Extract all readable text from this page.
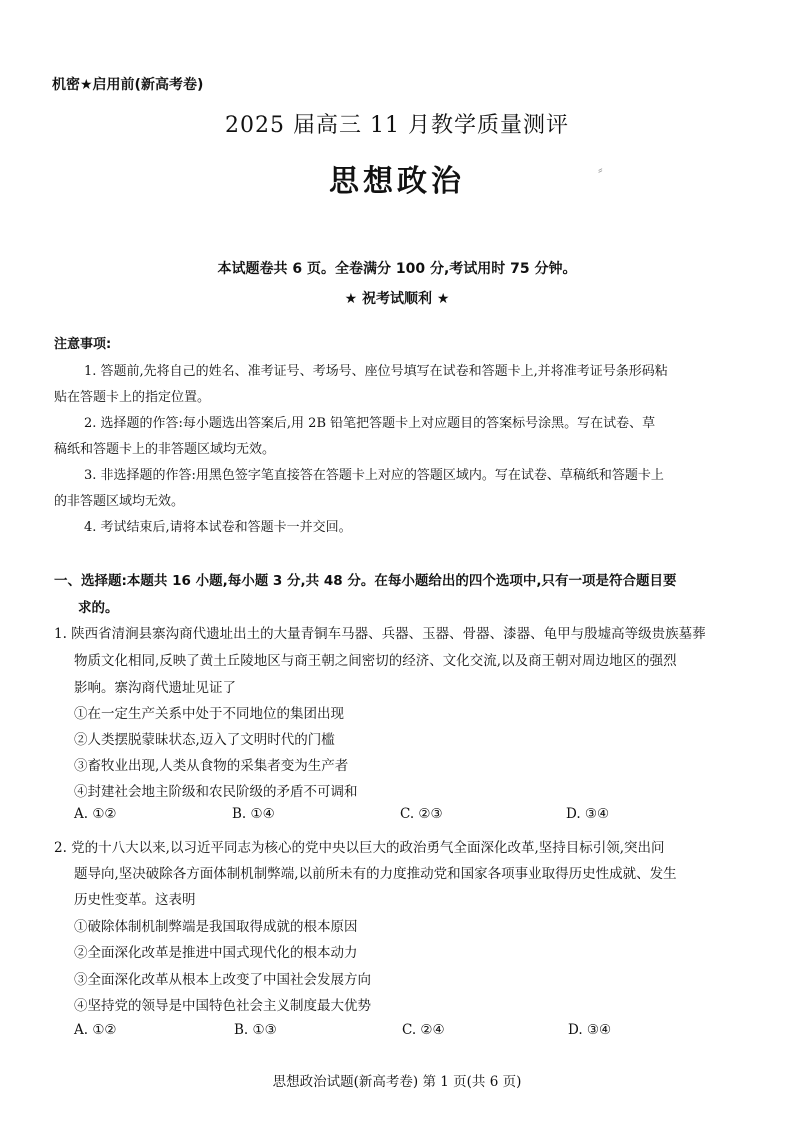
机密★启用前(新高考卷)
2025 届高三 11 月教学质量测评
思想政治	⸗
本试题卷共 6 页。全卷满分 100 分,考试用时 75 分钟。
★ 祝考试顺利 ★
注意事项:
1. 答题前,先将自己的姓名、准考证号、考场号、座位号填写在试卷和答题卡上,并将准考证号条形码粘
贴在答题卡上的指定位置。
2. 选择题的作答:每小题选出答案后,用 2B 铅笔把答题卡上对应题目的答案标号涂黑。写在试卷、草
稿纸和答题卡上的非答题区域均无效。
3. 非选择题的作答:用黑色签字笔直接答在答题卡上对应的答题区域内。写在试卷、草稿纸和答题卡上
的非答题区域均无效。
4. 考试结束后,请将本试卷和答题卡一并交回。
一、选择题:本题共 16 小题,每小题 3 分,共 48 分。在每小题给出的四个选项中,只有一项是符合题目要
求的。
1. 陕西省清涧县寨沟商代遗址出土的大量青铜车马器、兵器、玉器、骨器、漆器、龟甲与殷墟高等级贵族墓葬
物质文化相同,反映了黄土丘陵地区与商王朝之间密切的经济、文化交流,以及商王朝对周边地区的强烈
影响。寨沟商代遗址见证了
①在一定生产关系中处于不同地位的集团出现
②人类摆脱蒙昧状态,迈入了文明时代的门槛
③畜牧业出现,人类从食物的采集者变为生产者
④封建社会地主阶级和农民阶级的矛盾不可调和
A. ①②	B. ①④	C. ②③	D. ③④
2. 党的十八大以来,以习近平同志为核心的党中央以巨大的政治勇气全面深化改革,坚持目标引领,突出问
题导向,坚决破除各方面体制机制弊端,以前所未有的力度推动党和国家各项事业取得历史性成就、发生
历史性变革。这表明
①破除体制机制弊端是我国取得成就的根本原因
②全面深化改革是推进中国式现代化的根本动力
③全面深化改革从根本上改变了中国社会发展方向
④坚持党的领导是中国特色社会主义制度最大优势
A. ①②	B. ①③	C. ②④	D. ③④
思想政治试题(新高考卷) 第 1 页(共 6 页)
